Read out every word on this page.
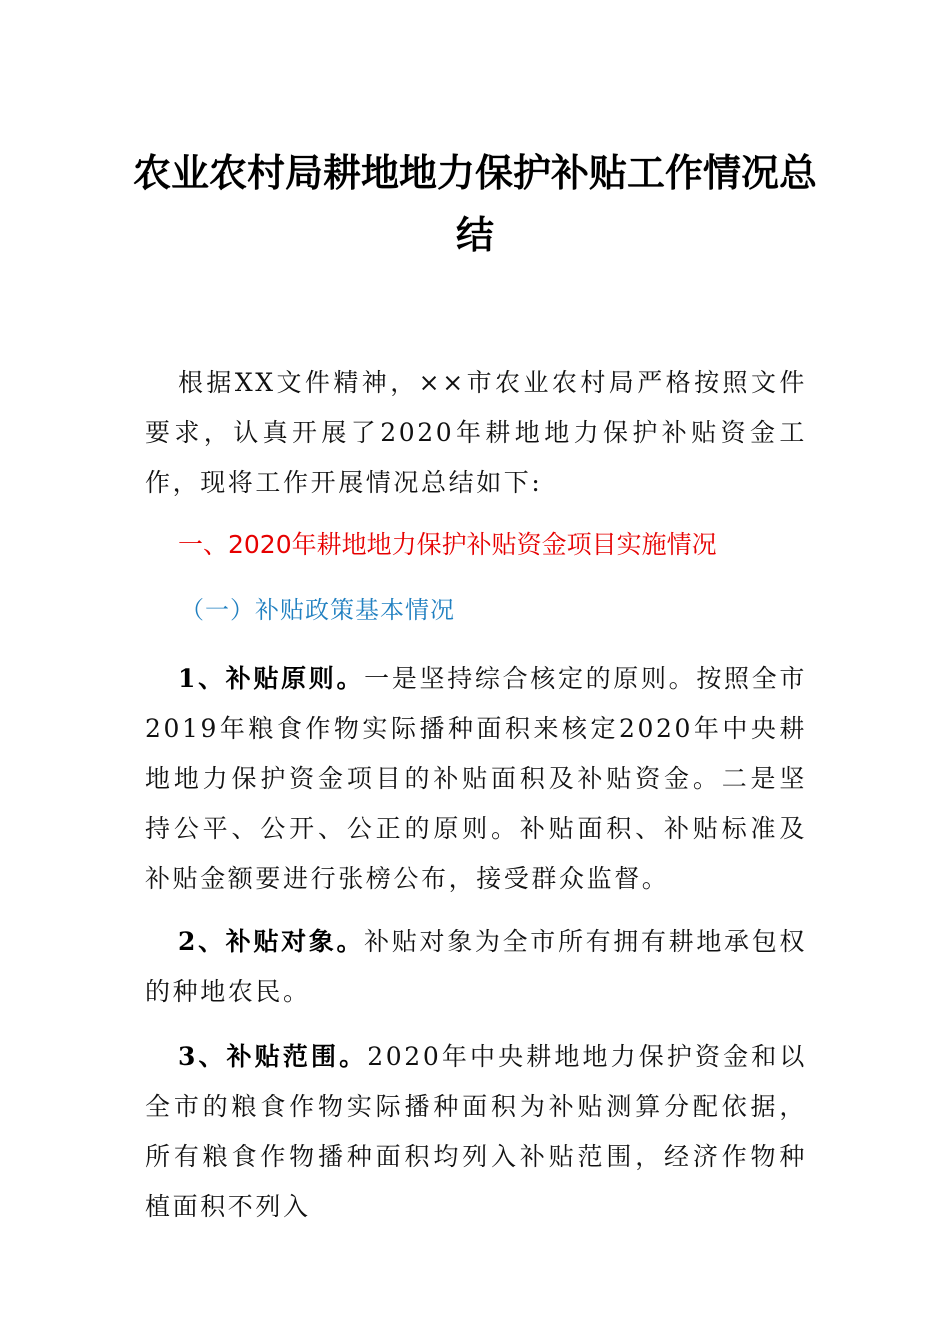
农业农村局耕地地力保护补贴工作情况总结
根据XX文件精神，××市农业农村局严格按照文件要求，认真开展了2020年耕地地力保护补贴资金工作，现将工作开展情况总结如下:
一、2020年耕地地力保护补贴资金项目实施情况
（一）补贴政策基本情况
1、补贴原则。一是坚持综合核定的原则。按照全市2019年粮食作物实际播种面积来核定2020年中央耕地地力保护资金项目的补贴面积及补贴资金。二是坚持公平、公开、公正的原则。补贴面积、补贴标准及补贴金额要进行张榜公布，接受群众监督。
2、补贴对象。补贴对象为全市所有拥有耕地承包权的种地农民。
3、补贴范围。2020年中央耕地地力保护资金和以全市的粮食作物实际播种面积为补贴测算分配依据，所有粮食作物播种面积均列入补贴范围，经济作物种植面积不列入
